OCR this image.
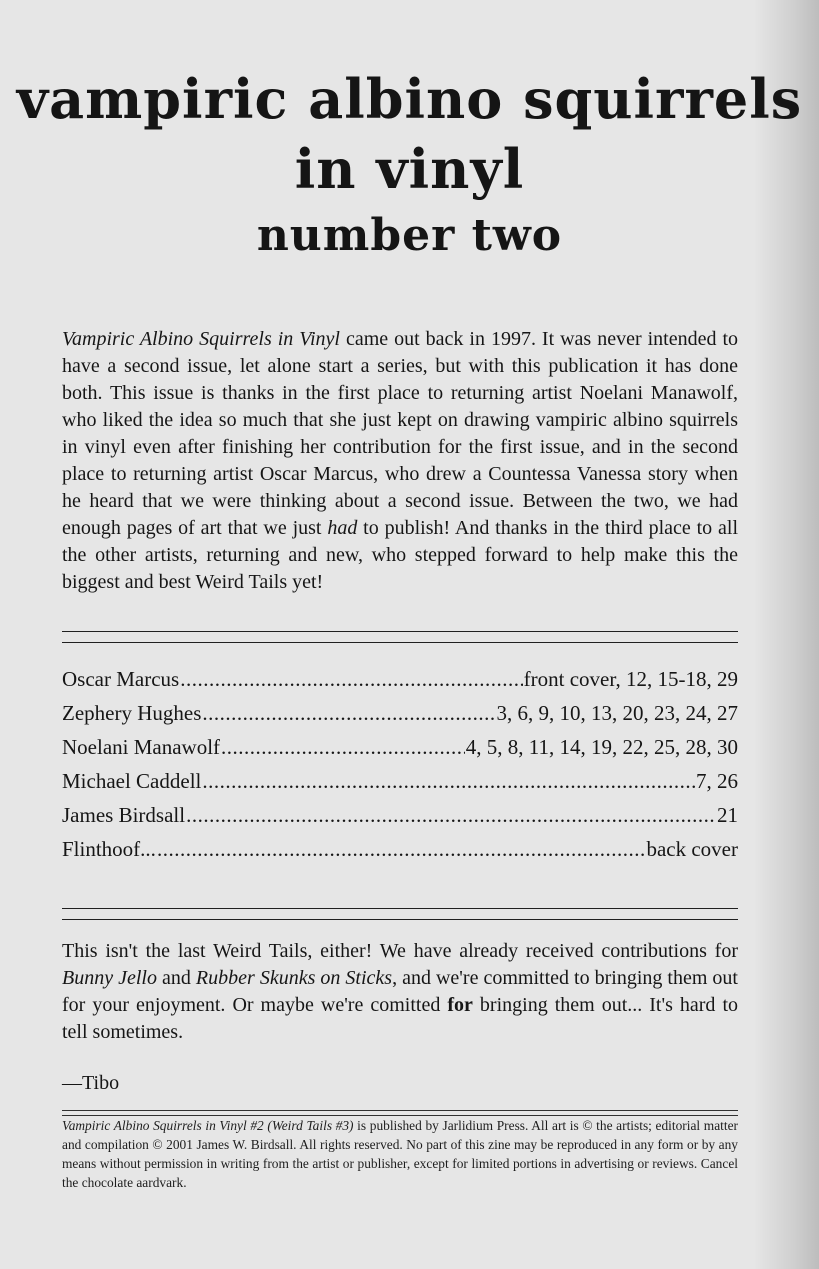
vampiric albino squirrels
in vinyl
number two
Vampiric Albino Squirrels in Vinyl came out back in 1997. It was never intended to have a second issue, let alone start a series, but with this publication it has done both. This issue is thanks in the first place to returning artist Noelani Manawolf, who liked the idea so much that she just kept on drawing vampiric albino squirrels in vinyl even after finishing her contribution for the first issue, and in the second place to returning artist Oscar Marcus, who drew a Countessa Vanessa story when he heard that we were thinking about a second issue. Between the two, we had enough pages of art that we just had to publish! And thanks in the third place to all the other artists, returning and new, who stepped forward to help make this the biggest and best Weird Tails yet!
Oscar Marcus .....	front cover, 12, 15-18, 29
Zephery Hughes .....	3, 6, 9, 10, 13, 20, 23, 24, 27
Noelani Manawolf .....	4, 5, 8, 11, 14, 19, 22, 25, 28, 30
Michael Caddell .....	7, 26
James Birdsall .....	21
Flinthoof... .....	back cover
This isn't the last Weird Tails, either! We have already received contributions for Bunny Jello and Rubber Skunks on Sticks, and we're committed to bringing them out for your enjoyment. Or maybe we're comitted for bringing them out... It's hard to tell sometimes.
—Tibo
Vampiric Albino Squirrels in Vinyl #2 (Weird Tails #3) is published by Jarlidium Press. All art is © the artists; editorial matter and compilation © 2001 James W. Birdsall. All rights reserved. No part of this zine may be reproduced in any form or by any means without permission in writing from the artist or publisher, except for limited portions in advertising or reviews. Cancel the chocolate aardvark.
